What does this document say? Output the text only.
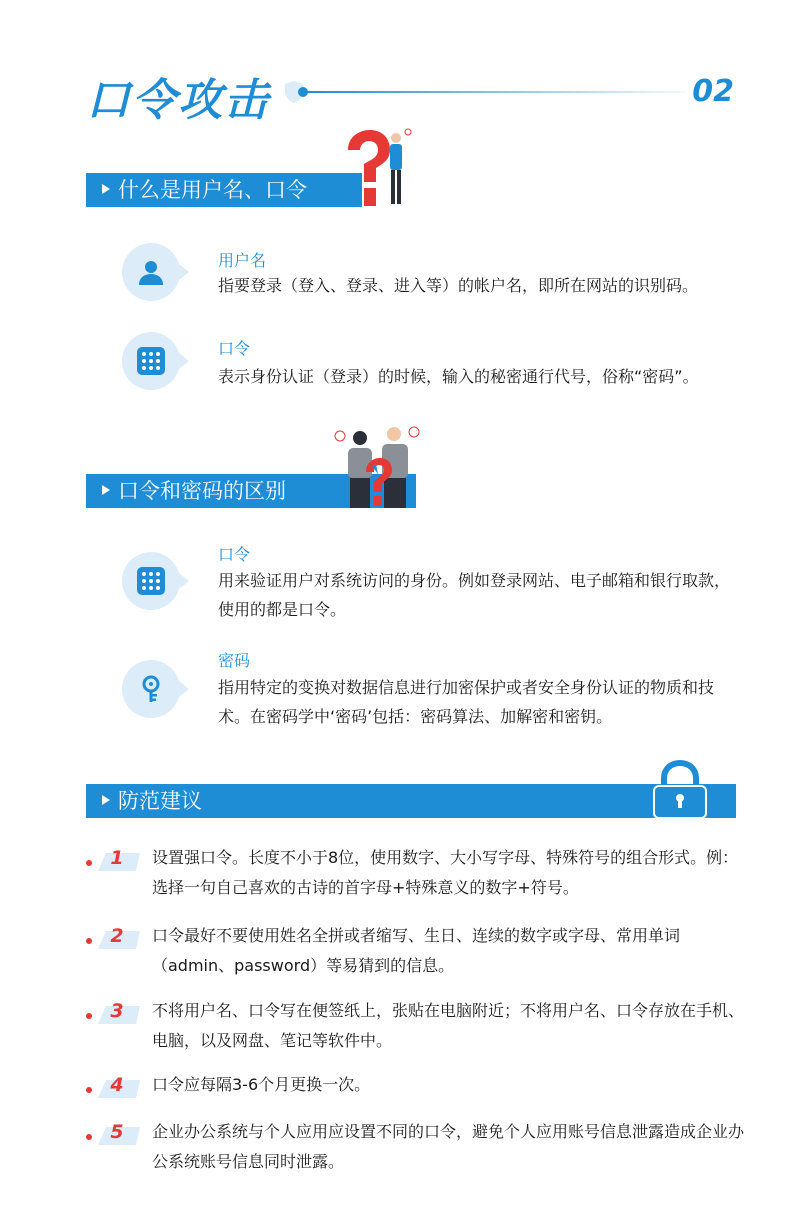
口令攻击	02
什么是用户名、口令
用户名
指要登录（登入、登录、进入等）的帐户名，即所在网站的识别码。
口令
表示身份认证（登录）的时候，输入的秘密通行代号，俗称“密码”。
口令和密码的区别
口令
用来验证用户对系统访问的身份。例如登录网站、电子邮箱和银行取款，使用的都是口令。
密码
指用特定的变换对数据信息进行加密保护或者安全身份认证的物质和技术。在密码学中‘密码’包括：密码算法、加解密和密钥。
防范建议
1	设置强口令。长度不小于8位，使用数字、大小写字母、特殊符号的组合形式。例：选择一句自己喜欢的古诗的首字母+特殊意义的数字+符号。
2	口令最好不要使用姓名全拼或者缩写、生日、连续的数字或字母、常用单词（admin、password）等易猜到的信息。
3	不将用户名、口令写在便签纸上，张贴在电脑附近；不将用户名、口令存放在手机、电脑，以及网盘、笔记等软件中。
4	口令应每隔3-6个月更换一次。
5	企业办公系统与个人应用应设置不同的口令，避免个人应用账号信息泄露造成企业办公系统账号信息同时泄露。
